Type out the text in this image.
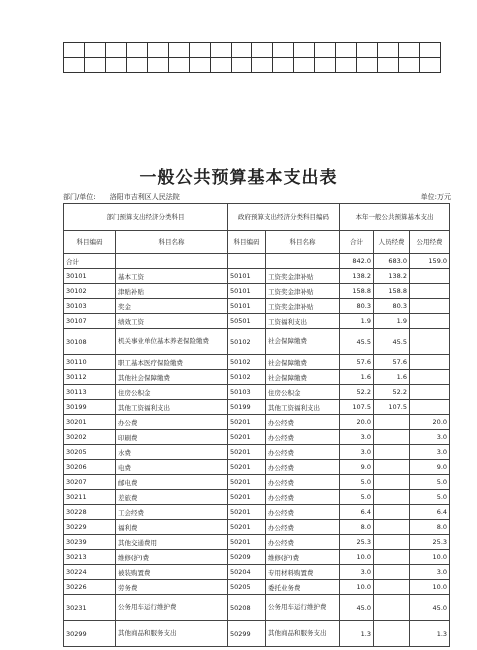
一般公共预算基本支出表
部门/单位: 洛阳市吉利区人民法院	单位:万元
部门预算支出经济分类科目		政府预算支出经济分类科目编码		本年一般公共预算基本支出		
科目编码	科目名称	科目编码	科目名称	合计	人员经费	公用经费
合计				842.0	683.0	159.0
30101	基本工资	50101	工资奖金津补贴	138.2	138.2	
30102	津贴补贴	50101	工资奖金津补贴	158.8	158.8	
30103	奖金	50101	工资奖金津补贴	80.3	80.3	
30107	绩效工资	50501	工资福利支出	1.9	1.9	
30108	机关事业单位基本养老保险缴费	50102	社会保障缴费	45.5	45.5	
30110	职工基本医疗保险缴费	50102	社会保障缴费	57.6	57.6	
30112	其他社会保障缴费	50102	社会保障缴费	1.6	1.6	
30113	住房公积金	50103	住房公积金	52.2	52.2	
30199	其他工资福利支出	50199	其他工资福利支出	107.5	107.5	
30201	办公费	50201	办公经费	20.0		20.0
30202	印刷费	50201	办公经费	3.0		3.0
30205	水费	50201	办公经费	3.0		3.0
30206	电费	50201	办公经费	9.0		9.0
30207	邮电费	50201	办公经费	5.0		5.0
30211	差旅费	50201	办公经费	5.0		5.0
30228	工会经费	50201	办公经费	6.4		6.4
30229	福利费	50201	办公经费	8.0		8.0
30239	其他交通费用	50201	办公经费	25.3		25.3
30213	维修(护)费	50209	维修(护)费	10.0		10.0
30224	被装购置费	50204	专用材料购置费	3.0		3.0
30226	劳务费	50205	委托业务费	10.0		10.0
30231	公务用车运行维护费	50208	公务用车运行维护费	45.0		45.0
30299	其他商品和服务支出	50299	其他商品和服务支出	1.3		1.3
